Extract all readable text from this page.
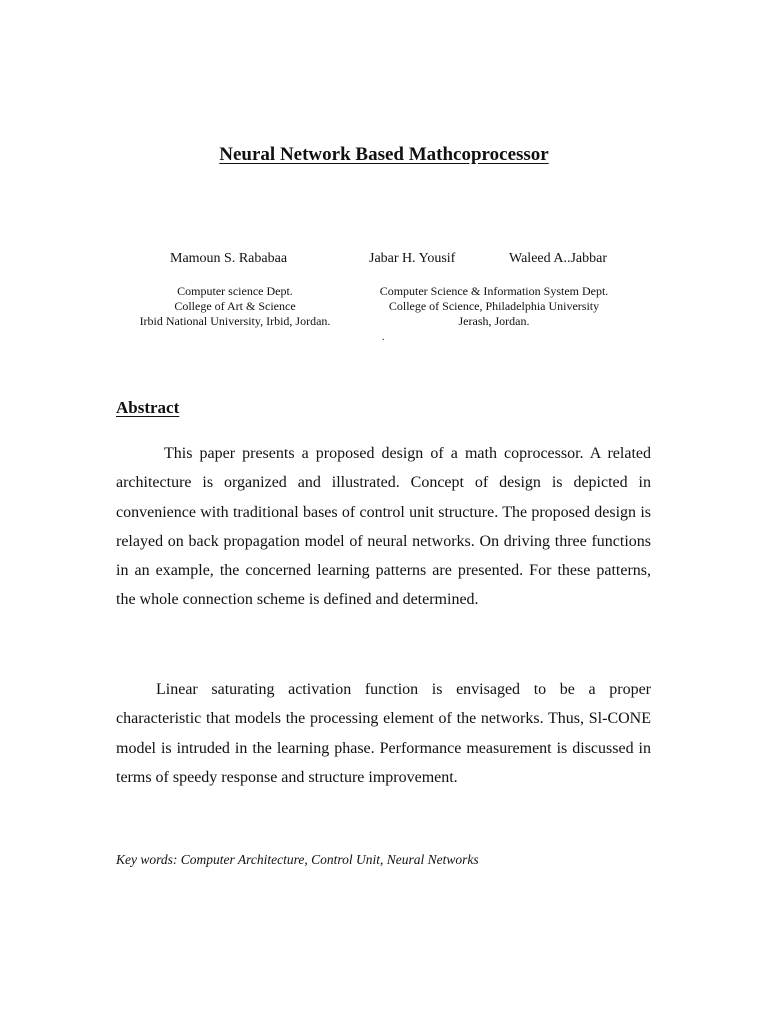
Neural Network Based Mathcoprocessor
Mamoun S. Rababaa	Jabar H. Yousif	Waleed A..Jabbar
Computer science Dept.
College of Art & Science
Irbid National University, Irbid, Jordan.
Computer Science & Information System Dept.
College of Science, Philadelphia University
Jerash, Jordan.
.
Abstract
This paper presents a proposed design of a math coprocessor. A related architecture is organized and illustrated. Concept of design is depicted in convenience with traditional bases of control unit structure. The proposed design is relayed on back propagation model of neural networks. On driving three functions in an example, the concerned learning patterns are presented. For these patterns, the whole connection scheme is defined and determined.
Linear saturating activation function is envisaged to be a proper characteristic that models the processing element of the networks. Thus, Sl-CONE model is intruded in the learning phase. Performance measurement is discussed in terms of speedy response and structure improvement.
Key words: Computer Architecture, Control Unit, Neural Networks
